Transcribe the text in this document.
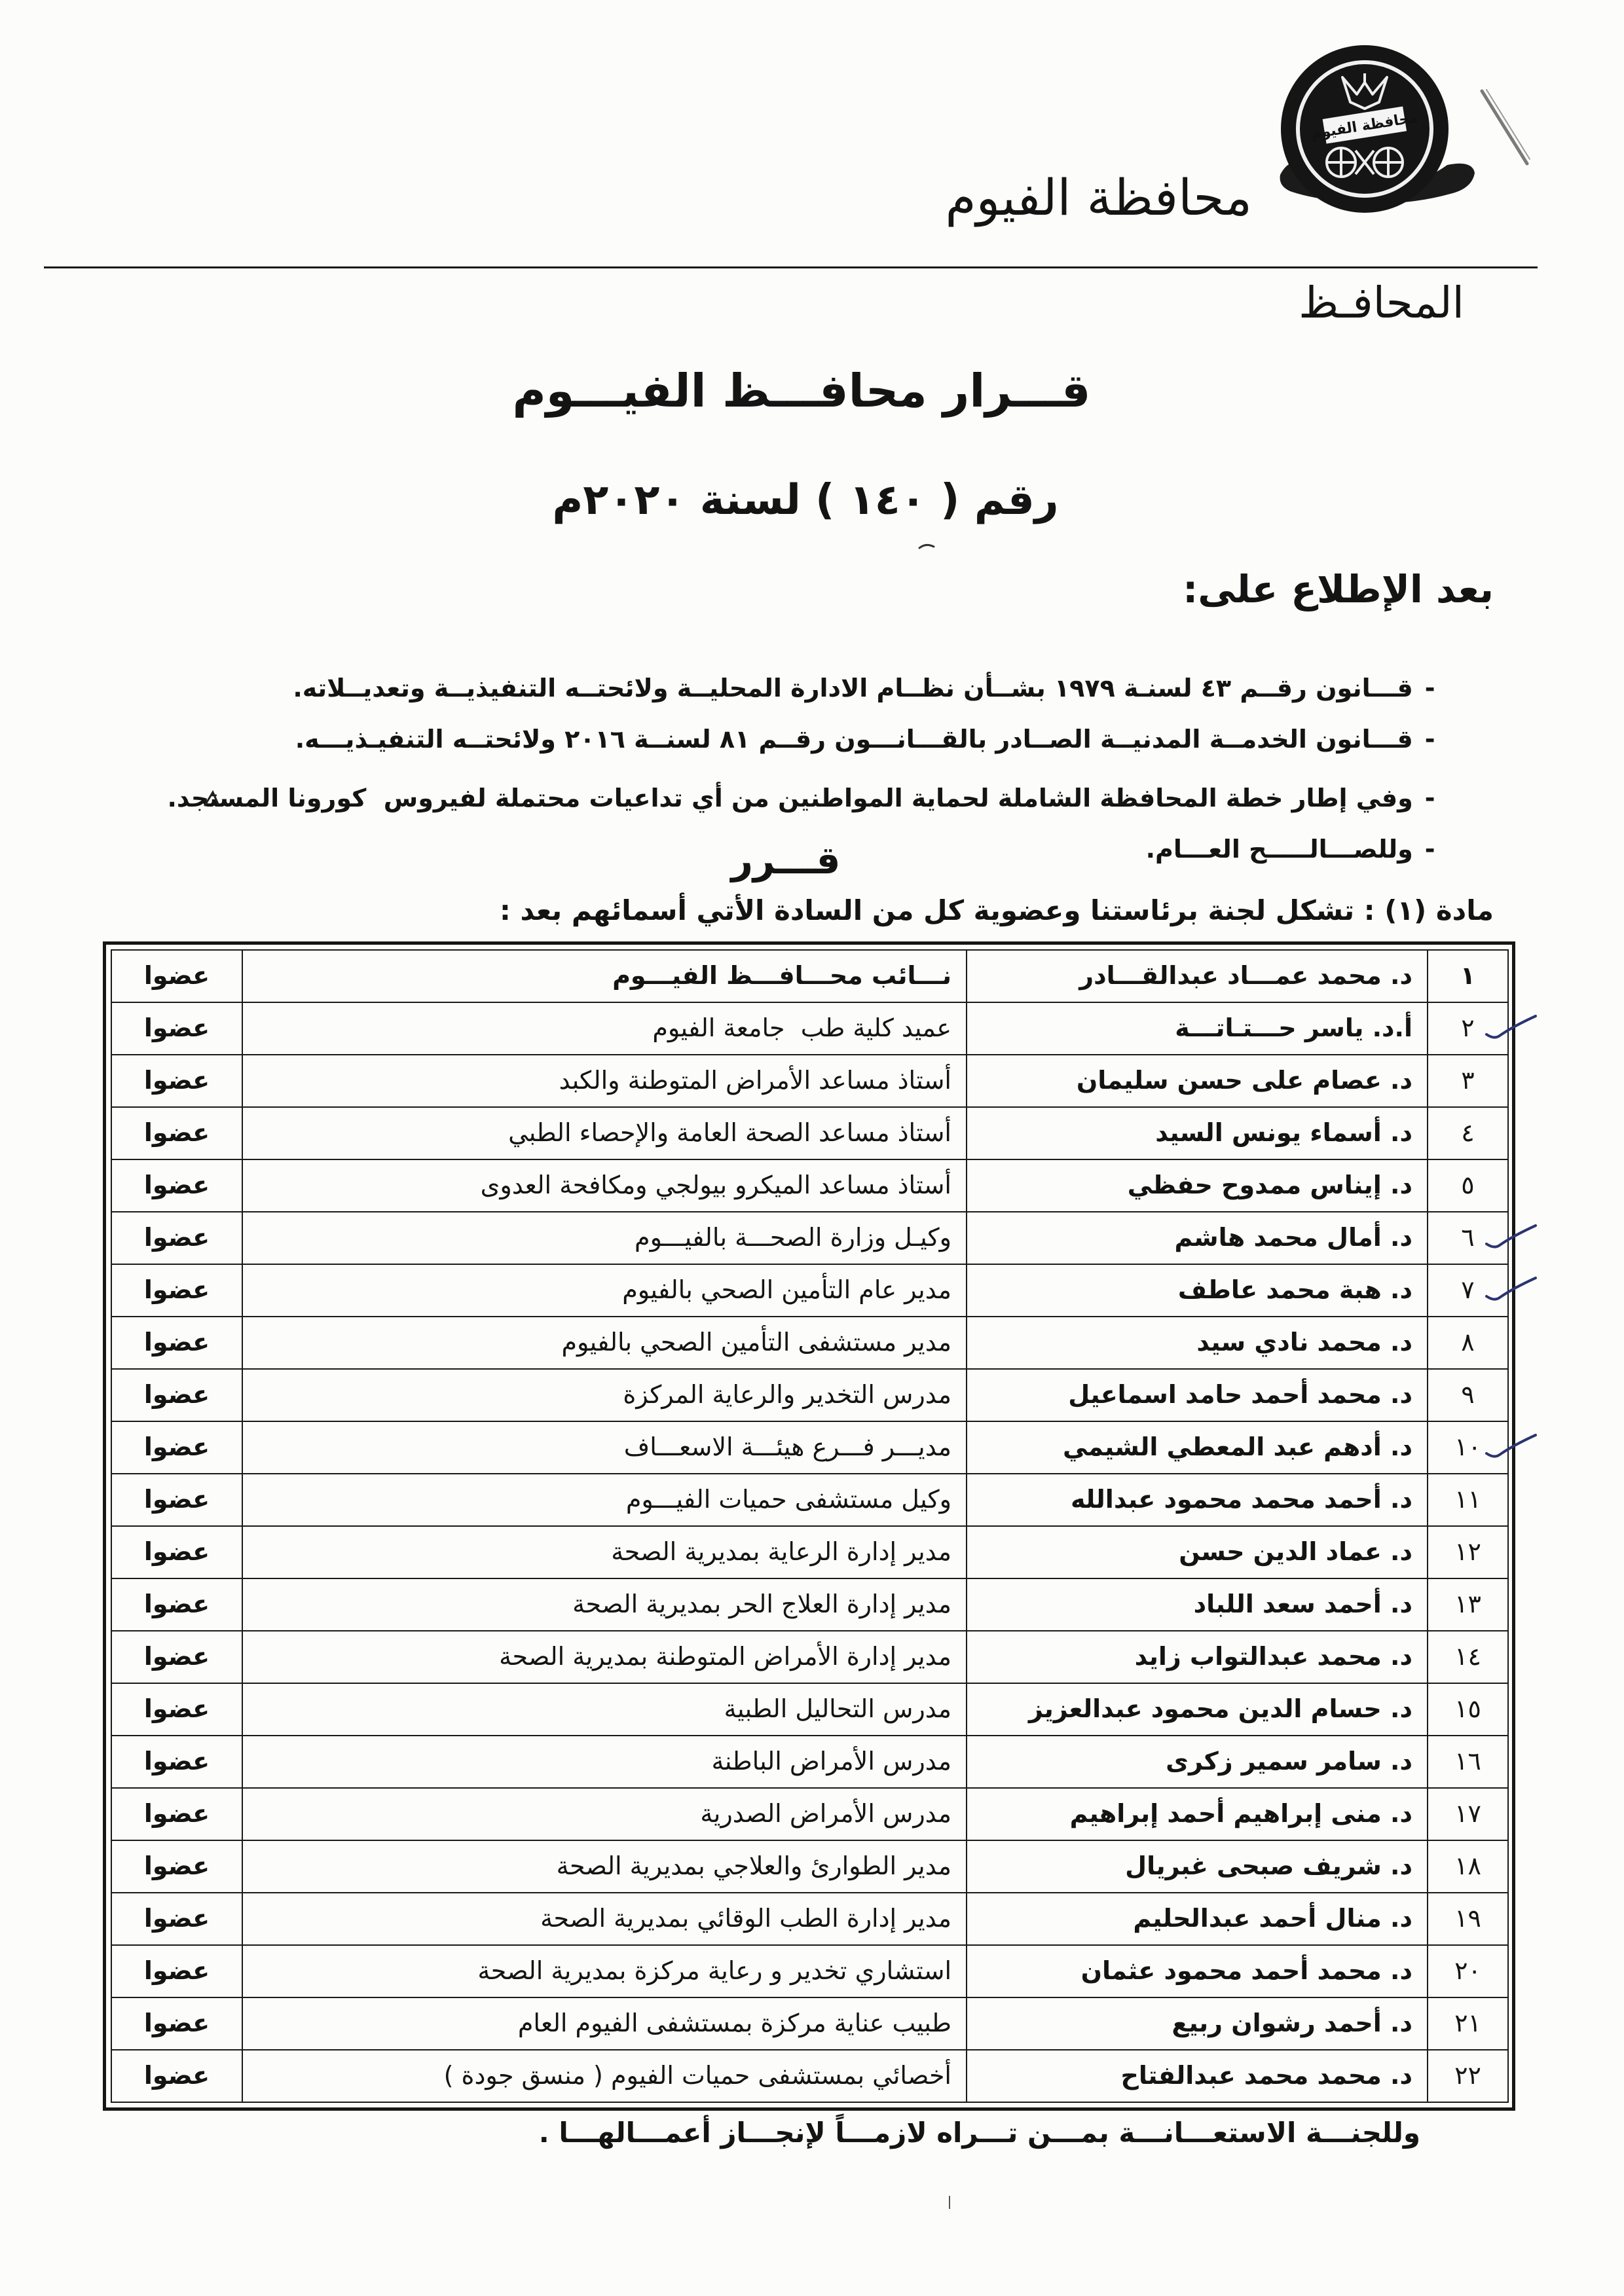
محافظة الفيوم
محافظة الفيوم
المحافـظ
قـــرار محافـــظ الفيـــوم
رقم ( ١٤٠ ) لسنة ٢٠٢٠م
بعد الإطلاع على:

-قـــانون رقــم ٤٣ لسنـة ١٩٧٩ بشــأن نظــام الادارة المحليــة ولائحتــه التنفيذيــة وتعديــلاته.

-قـــانون الخدمــة المدنيــة الصــادر بالقـــانـــون رقــم ٨١ لسنــة ٢٠١٦ ولائحتــه التنفيـذيـــه.

-وفي إطار خطة المحافظة الشاملة لحماية المواطنين من أي تداعيات محتملة لفيروس  كورونا المستجد.

-وللصـــالـــــح العـــام.

قـــرر
مادة (١) : تشكل لجنة برئاستنا وعضوية كل من السادة الأتي أسمائهم بعد :
١	د. محمد عمـــاد عبدالقـــادر	نـــائب محـــافـــظ الفيـــوم	عضوا
٢	أ.د. ياسر حـــتـاتـــة	عميد كلية طب  جامعة الفيوم	عضوا
٣	د. عصام على حسن سليمان	أستاذ مساعد الأمراض المتوطنة والكبد	عضوا
٤	د. أسماء يونس السيد	أستاذ مساعد الصحة العامة والإحصاء الطبي	عضوا
٥	د. إيناس ممدوح حفظي	أستاذ مساعد الميكرو بيولجي ومكافحة العدوى	عضوا
٦	د. أمال محمد هاشم	وكيـل وزارة الصحـــة بالفيـــوم	عضوا
٧	د. هبة محمد عاطف	مدير عام التأمين الصحي بالفيوم	عضوا
٨	د. محمد نادي سيد	مدير مستشفى التأمين الصحي بالفيوم	عضوا
٩	د. محمد أحمد حامد اسماعيل	مدرس التخدير والرعاية المركزة	عضوا
١٠	د. أدهم عبد المعطي الشيمي	مديـــر فـــرع هيئـــة الاسعـــاف	عضوا
١١	د. أحمد محمد محمود عبدالله	وكيل مستشفى حميات الفيـــوم	عضوا
١٢	د. عماد الدين حسن	مدير إدارة الرعاية بمديرية الصحة	عضوا
١٣	د. أحمد سعد اللباد	مدير إدارة العلاج الحر بمديرية الصحة	عضوا
١٤	د. محمد عبدالتواب زايد	مدير إدارة الأمراض المتوطنة بمديرية الصحة	عضوا
١٥	د. حسام الدين محمود عبدالعزيز	مدرس التحاليل الطبية	عضوا
١٦	د. سامر سمير زكرى	مدرس الأمراض الباطنة	عضوا
١٧	د. منى إبراهيم أحمد إبراهيم	مدرس الأمراض الصدرية	عضوا
١٨	د. شريف صبحى غبريال	مدير الطوارئ والعلاجي بمديرية الصحة	عضوا
١٩	د. منال أحمد عبدالحليم	مدير إدارة الطب الوقائي بمديرية الصحة	عضوا
٢٠	د. محمد أحمد محمود عثمان	استشاري تخدير و رعاية مركزة بمديرية الصحة	عضوا
٢١	د. أحمد رشوان ربيع	طبيب عناية مركزة بمستشفى الفيوم العام	عضوا
٢٢	د. محمد محمد عبدالفتاح	أخصائي بمستشفى حميات الفيوم ( منسق جودة )	عضوا
وللجنـــة الاستعـــانـــة بمـــن تـــراه لازمـــاً لإنجـــاز أعمـــالهـــا .
